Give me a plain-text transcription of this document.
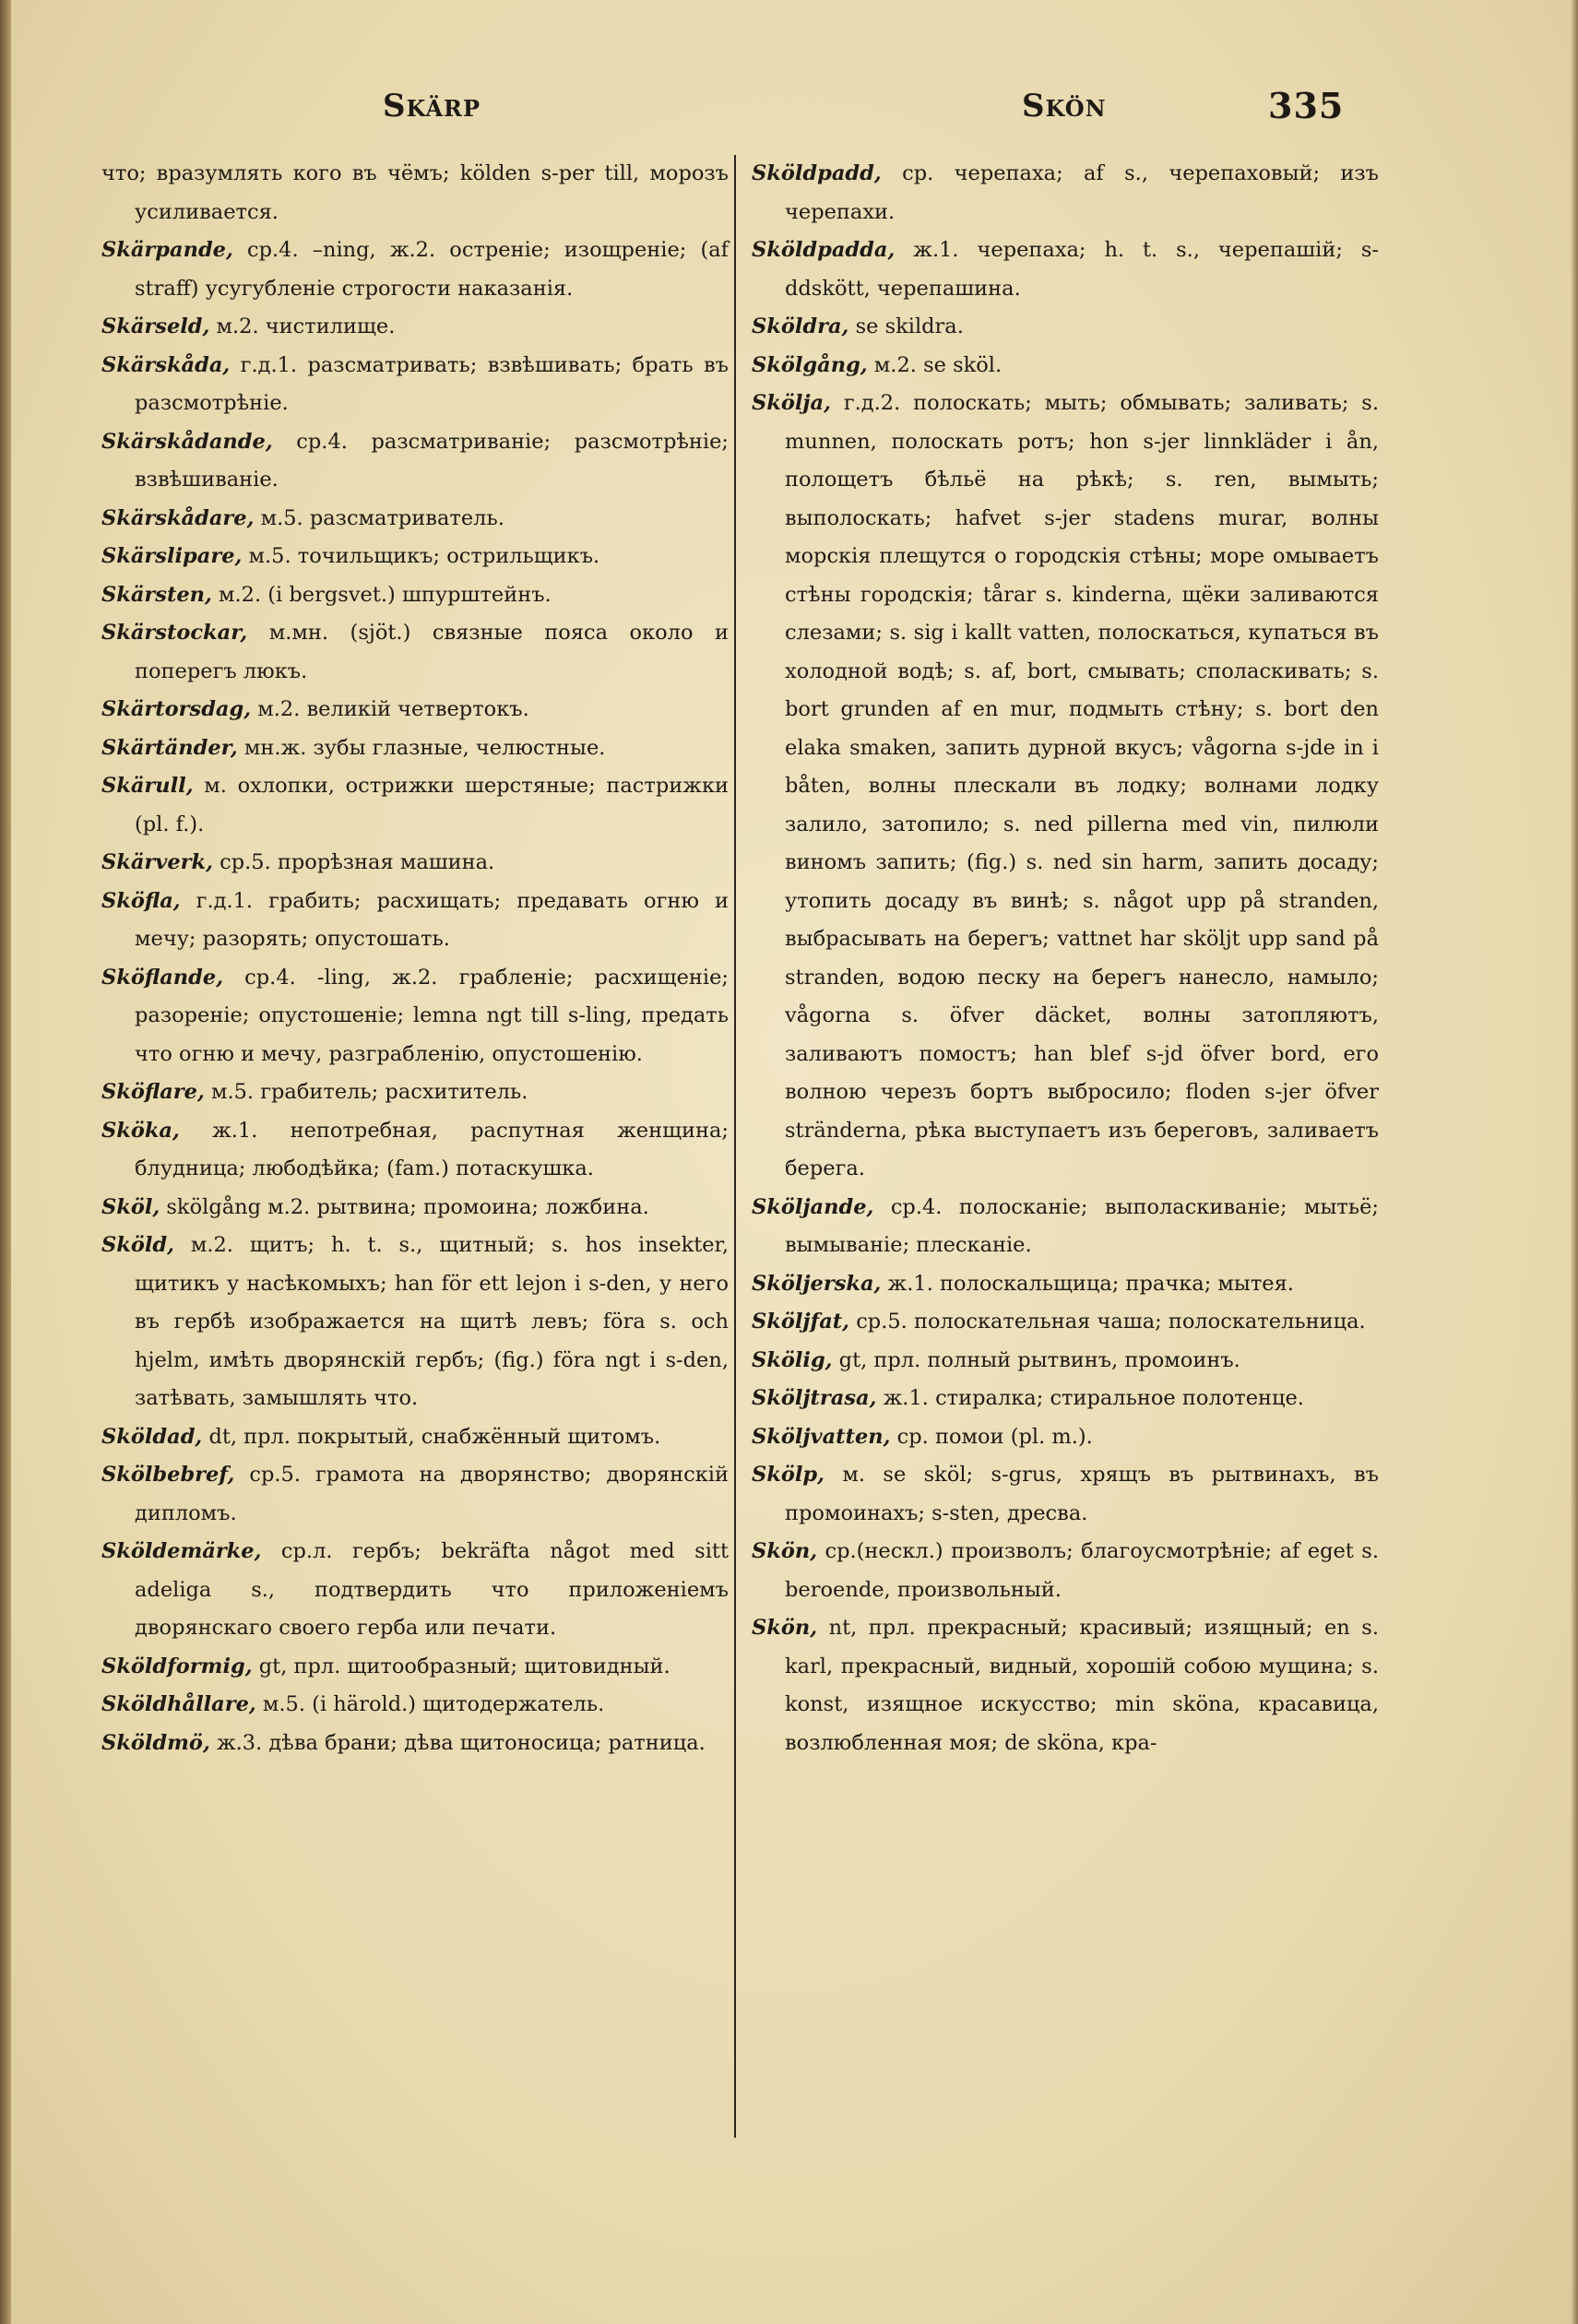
Skärp	Skön	335

что; вразумлять кого въ чёмъ; kölden s-per till, морозъ усиливается.

Skärpande, ср.4. –ning, ж.2. остреніе; изощреніе; (af straff) усугубленіе строгости наказанія.

Skärseld, м.2. чистилище.

Skärskåda, г.д.1. разсматривать; взвѣшивать; брать въ разсмотрѣніе.

Skärskådande, ср.4. разсматриваніе; разсмотрѣніе; взвѣшиваніе.

Skärskådare, м.5. разсматриватель.

Skärslipare, м.5. точильщикъ; острильщикъ.

Skärsten, м.2. (i bergsvet.) шпурштейнъ.

Skärstockar, м.мн. (sjöt.) связные пояса около и поперегъ люкъ.

Skärtorsdag, м.2. великій четвертокъ.

Skärtänder, мн.ж. зубы глазные, челюстные.

Skärull, м. охлопки, острижки шерстяные; пастрижки (pl. f.).

Skärverk, ср.5. прорѣзная машина.

Sköfla, г.д.1. грабить; расхищать; предавать огню и мечу; разорять; опустошать.

Sköflande, ср.4. -ling, ж.2. грабленіе; расхищеніе; разореніе; опустошеніе; lemna ngt till s-ling, предать что огню и мечу, разграбленію, опустошенію.

Sköflare, м.5. грабитель; расхититель.

Sköka, ж.1. непотребная, распутная женщина; блудница; любодѣйка; (fam.) потаскушка.

Sköl, skölgång м.2. рытвина; промоина; ложбина.

Sköld, м.2. щитъ; h. t. s., щитный; s. hos insekter, щитикъ у насѣкомыхъ; han för ett lejon i s-den, у него въ гербѣ изображается на щитѣ левъ; föra s. och hjelm, имѣть дворянскій гербъ; (fig.) föra ngt i s-den, затѣвать, замышлять что.

Sköldad, dt, прл. покрытый, снабжённый щитомъ.

Skölbebref, ср.5. грамота на дворянство; дворянскій дипломъ.

Sköldemärke, ср.л. гербъ; bekräfta något med sitt adeliga s., подтвердить что приложеніемъ дворянскаго своего герба или печати.

Sköldformig, gt, прл. щитообразный; щитовидный.

Sköldhållare, м.5. (i härold.) щитодержатель.

Sköldmö, ж.3. дѣва брани; дѣва щитоносица; ратница.

Sköldpadd, ср. черепаха; af s., черепаховый; изъ черепахи.

Sköldpadda, ж.1. черепаха; h. t. s., черепашій; s-ddskött, черепашина.

Sköldra, se skildra.

Skölgång, м.2. se sköl.

Skölja, г.д.2. полоскать; мыть; обмывать; заливать; s. munnen, полоскать ротъ; hon s-jer linnkläder i ån, полощетъ бѣльё на рѣкѣ; s. ren, вымыть; выполоскать; hafvet s-jer stadens murar, волны морскія плещутся о городскія стѣны; море омываетъ стѣны городскія; tårar s. kinderna, щёки заливаются слезами; s. sig i kallt vatten, полоскаться, купаться въ холодной водѣ; s. af, bort, смывать; споласкивать; s. bort grunden af en mur, подмыть стѣну; s. bort den elaka smaken, запить дурной вкусъ; vågorna s-jde in i båten, волны плескали въ лодку; волнами лодку залило, затопило; s. ned pillerna med vin, пилюли виномъ запить; (fig.) s. ned sin harm, запить досаду; утопить досаду въ винѣ; s. något upp på stranden, выбрасывать на берегъ; vattnet har sköljt upp sand på stranden, водою песку на берегъ нанесло, намыло; vågorna s. öfver däcket, волны затопляютъ, заливаютъ помостъ; han blef s-jd öfver bord, его волною черезъ бортъ выбросило; floden s-jer öfver stränderna, рѣка выступаетъ изъ береговъ, заливаетъ берега.

Sköljande, ср.4. полосканіе; выполаскиваніе; мытьё; вымываніе; плесканіе.

Sköljerska, ж.1. полоскальщица; прачка; мытея.

Sköljfat, ср.5. полоскательная чаша; полоскательница.

Skölig, gt, прл. полный рытвинъ, промоинъ.

Sköljtrasa, ж.1. стиралка; стиральное полотенце.

Sköljvatten, ср. помои (pl. m.).

Skölp, м. se sköl; s-grus, хрящъ въ рытвинахъ, въ промоинахъ; s-sten, дресва.

Skön, ср.(нескл.) произволъ; благоусмотрѣніе; af eget s. beroende, произвольный.

Skön, nt, прл. прекрасный; красивый; изящный; en s. karl, прекрасный, видный, хорошій собою мущина; s. konst, изящное искусство; min sköna, красавица, возлюбленная моя; de sköna, кра-
